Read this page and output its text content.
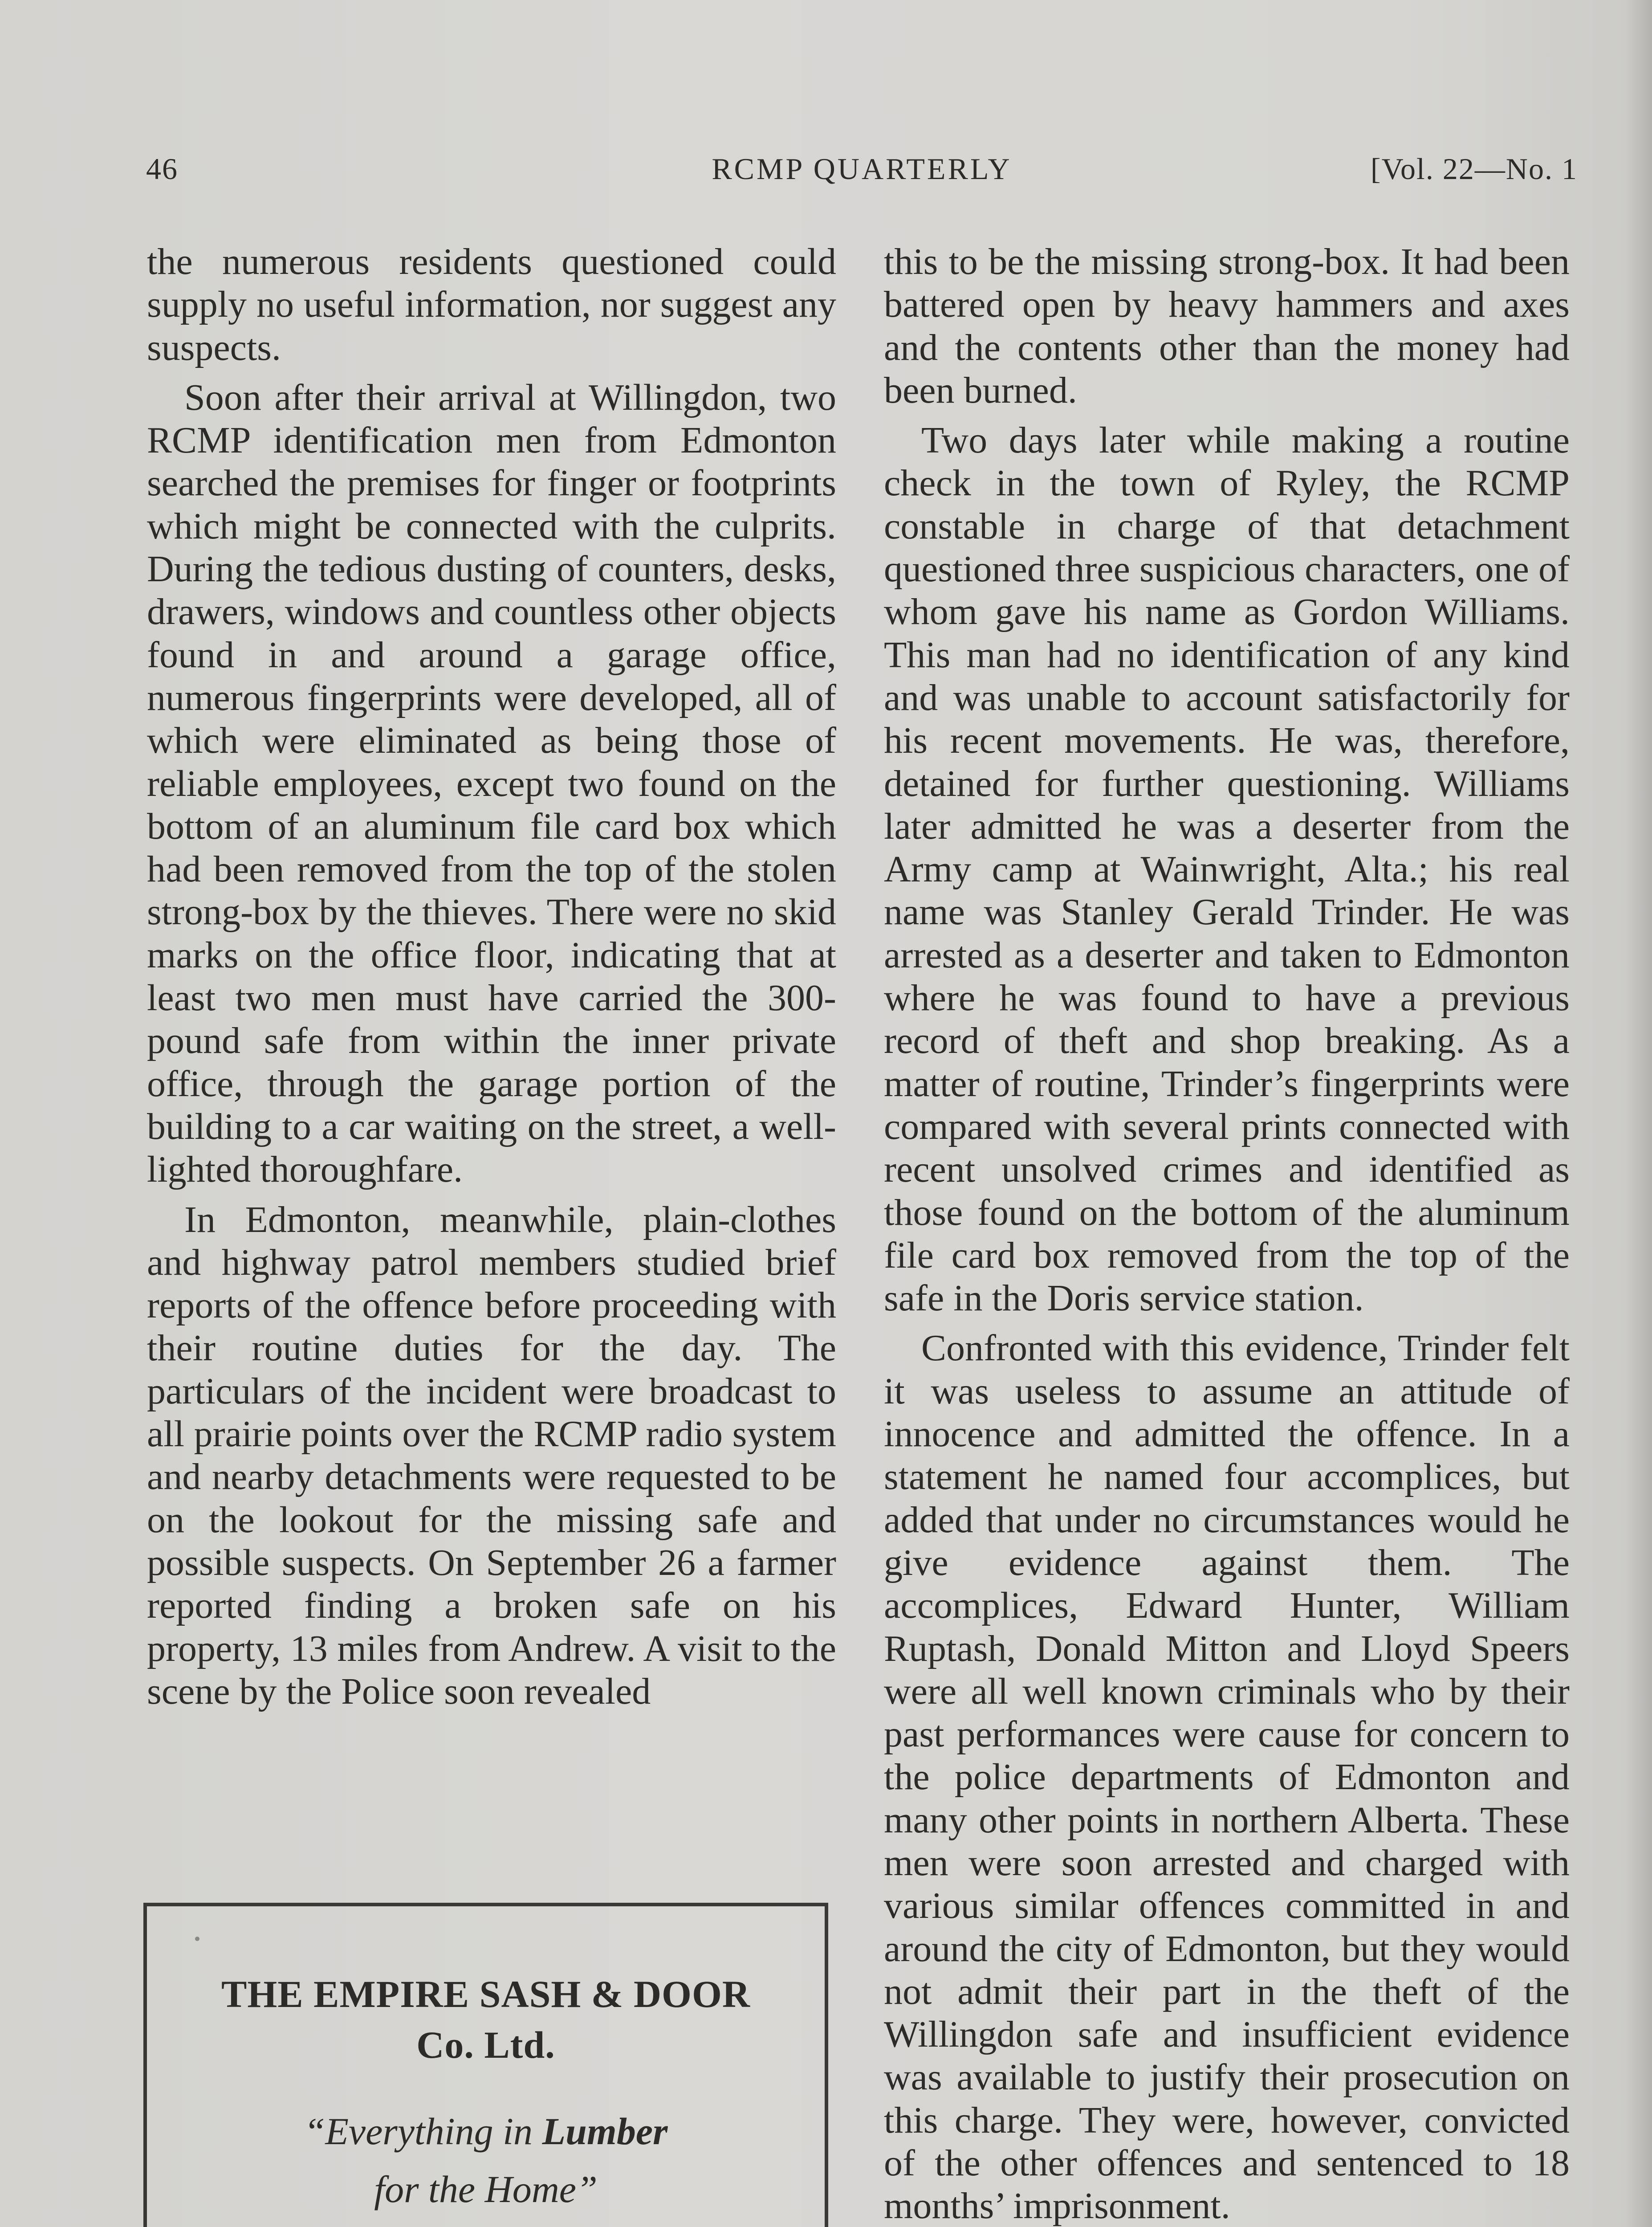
46	RCMP QUARTERLY	[Vol. 22—No. 1

the numerous residents questioned could supply no useful information, nor suggest any suspects.

Soon after their arrival at Willingdon, two RCMP identification men from Edmonton searched the premises for finger or footprints which might be connected with the culprits. During the tedious dusting of counters, desks, drawers, windows and countless other objects found in and around a garage office, numerous fingerprints were developed, all of which were eliminated as being those of reliable employees, except two found on the bottom of an aluminum file card box which had been removed from the top of the stolen strong-box by the thieves. There were no skid marks on the office floor, indicating that at least two men must have carried the 300-pound safe from within the inner private office, through the garage portion of the building to a car waiting on the street, a well-lighted thoroughfare.

In Edmonton, meanwhile, plain-clothes and highway patrol members studied brief reports of the offence before proceeding with their routine duties for the day. The particulars of the incident were broadcast to all prairie points over the RCMP radio system and nearby detachments were requested to be on the lookout for the missing safe and possible suspects. On September 26 a farmer reported finding a broken safe on his property, 13 miles from Andrew. A visit to the scene by the Police soon revealed

this to be the missing strong-box. It had been battered open by heavy hammers and axes and the contents other than the money had been burned.

Two days later while making a routine check in the town of Ryley, the RCMP constable in charge of that detachment questioned three suspicious characters, one of whom gave his name as Gordon Williams. This man had no identification of any kind and was unable to account satisfactorily for his recent movements. He was, therefore, detained for further questioning. Williams later admitted he was a deserter from the Army camp at Wainwright, Alta.; his real name was Stanley Gerald Trinder. He was arrested as a deserter and taken to Edmonton where he was found to have a previous record of theft and shop breaking. As a matter of routine, Trinder’s fingerprints were compared with several prints connected with recent unsolved crimes and identified as those found on the bottom of the aluminum file card box removed from the top of the safe in the Doris service station.

Confronted with this evidence, Trinder felt it was useless to assume an attitude of innocence and admitted the offence. In a statement he named four accomplices, but added that under no circumstances would he give evidence against them. The accomplices, Edward Hunter, William Ruptash, Donald Mitton and Lloyd Speers were all well known criminals who by their past performances were cause for concern to the police departments of Edmonton and many other points in northern Alberta. These men were soon arrested and charged with various similar offences committed in and around the city of Edmonton, but they would not admit their part in the theft of the Willingdon safe and insufficient evidence was available to justify their prosecution on this charge. They were, however, convicted of the other offences and sentenced to 18 months’ imprisonment.

THE EMPIRE SASH & DOOR
Co. Ltd.
“Everything in Lumber
for the Home”
